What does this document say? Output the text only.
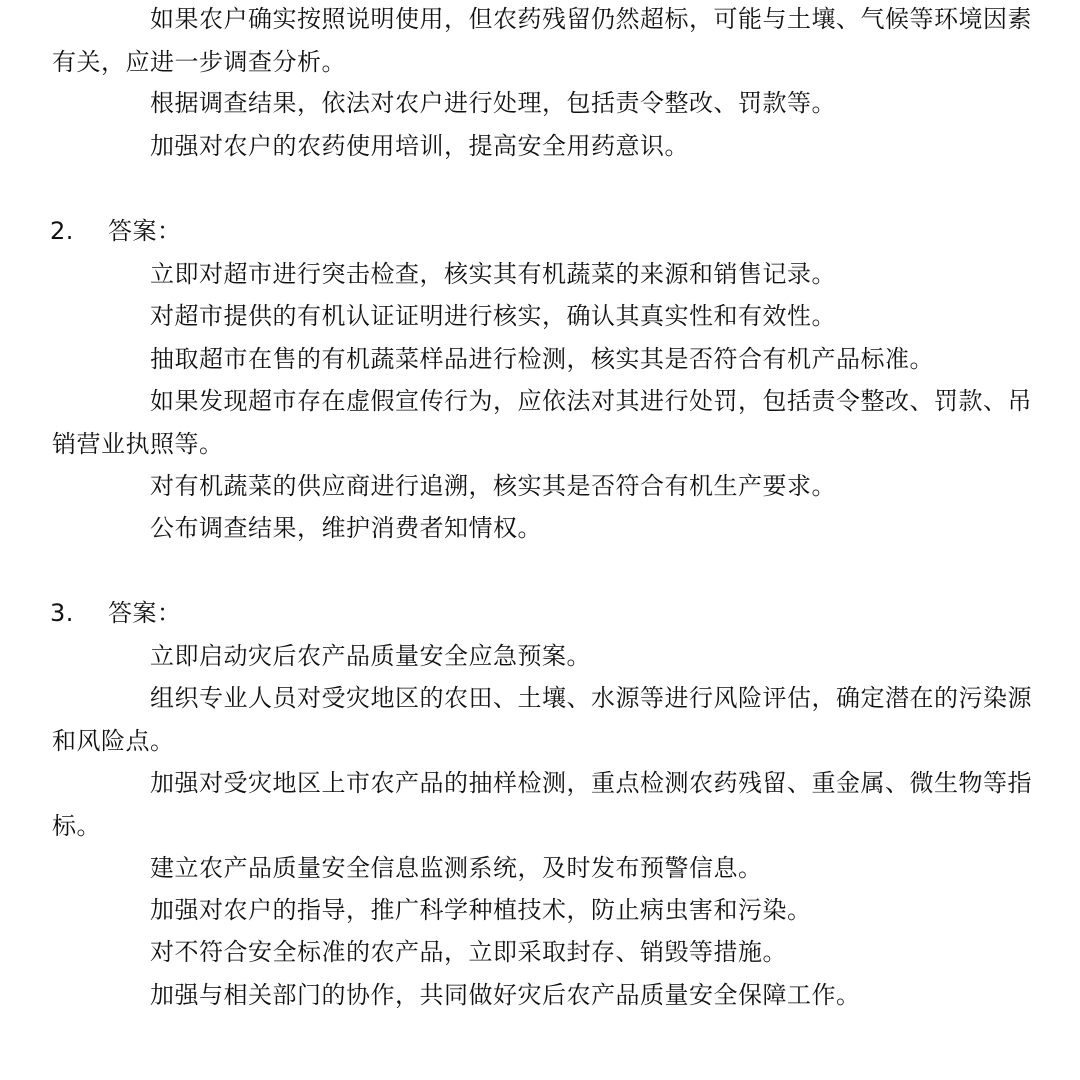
如果农户确实按照说明使用，但农药残留仍然超标，可能与土壤、气候等环境因素有关，应进一步调查分析。
根据调查结果，依法对农户进行处理，包括责令整改、罚款等。
加强对农户的农药使用培训，提高安全用药意识。
2. 答案：
立即对超市进行突击检查，核实其有机蔬菜的来源和销售记录。
对超市提供的有机认证证明进行核实，确认其真实性和有效性。
抽取超市在售的有机蔬菜样品进行检测，核实其是否符合有机产品标准。
如果发现超市存在虚假宣传行为，应依法对其进行处罚，包括责令整改、罚款、吊销营业执照等。
对有机蔬菜的供应商进行追溯，核实其是否符合有机生产要求。
公布调查结果，维护消费者知情权。
3. 答案：
立即启动灾后农产品质量安全应急预案。
组织专业人员对受灾地区的农田、土壤、水源等进行风险评估，确定潜在的污染源和风险点。
加强对受灾地区上市农产品的抽样检测，重点检测农药残留、重金属、微生物等指标。
建立农产品质量安全信息监测系统，及时发布预警信息。
加强对农户的指导，推广科学种植技术，防止病虫害和污染。
对不符合安全标准的农产品，立即采取封存、销毁等措施。
加强与相关部门的协作，共同做好灾后农产品质量安全保障工作。
